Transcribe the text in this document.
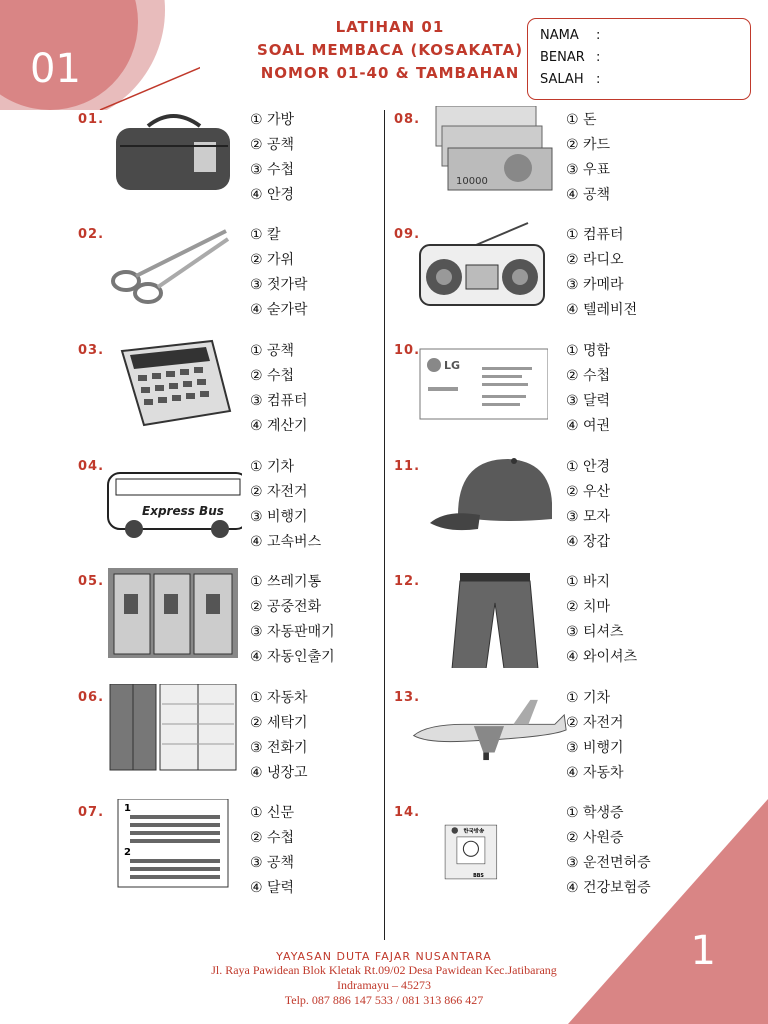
01
LATIHAN 01
SOAL MEMBACA (KOSAKATA)
NOMOR 01-40 & TAMBAHAN
NAMA	:
BENAR :
SALAH :
01.	① 가방
② 공책
③ 수첩
④ 안경
02.	① 칼
② 가위
③ 젓가락
④ 숟가락
03.	① 공책
② 수첩
③ 컴퓨터
④ 계산기
04.
Express Bus
① 기차
② 자전거
③ 비행기
④ 고속버스
05.	① 쓰레기통
② 공중전화
③ 자동판매기
④ 자동인출기
06.	① 자동차
② 세탁기
③ 전화기
④ 냉장고
07. 1
2
① 신문
② 수첩
③ 공책
④ 달력
08.
10000
① 돈
② 카드
③ 우표
④ 공책
09.	① 컴퓨터
② 라디오
③ 카메라
④ 텔레비전
10.
LG
① 명함
② 수첩
③ 달력
④ 여권
11.	① 안경
② 우산
③ 모자
④ 장갑
12.	① 바지
② 치마
③ 티셔츠
④ 와이셔츠
13.	① 기차
② 자전거
③ 비행기
④ 자동차
14.
한국방송
BBS
① 학생증
② 사원증
③ 운전면허증
④ 건강보험증
1
YAYASAN DUTA FAJAR NUSANTARA
Jl. Raya Pawidean Blok Kletak Rt.09/02 Desa Pawidean Kec.Jatibarang
Indramayu – 45273
Telp. 087 886 147 533 / 081 313 866 427
